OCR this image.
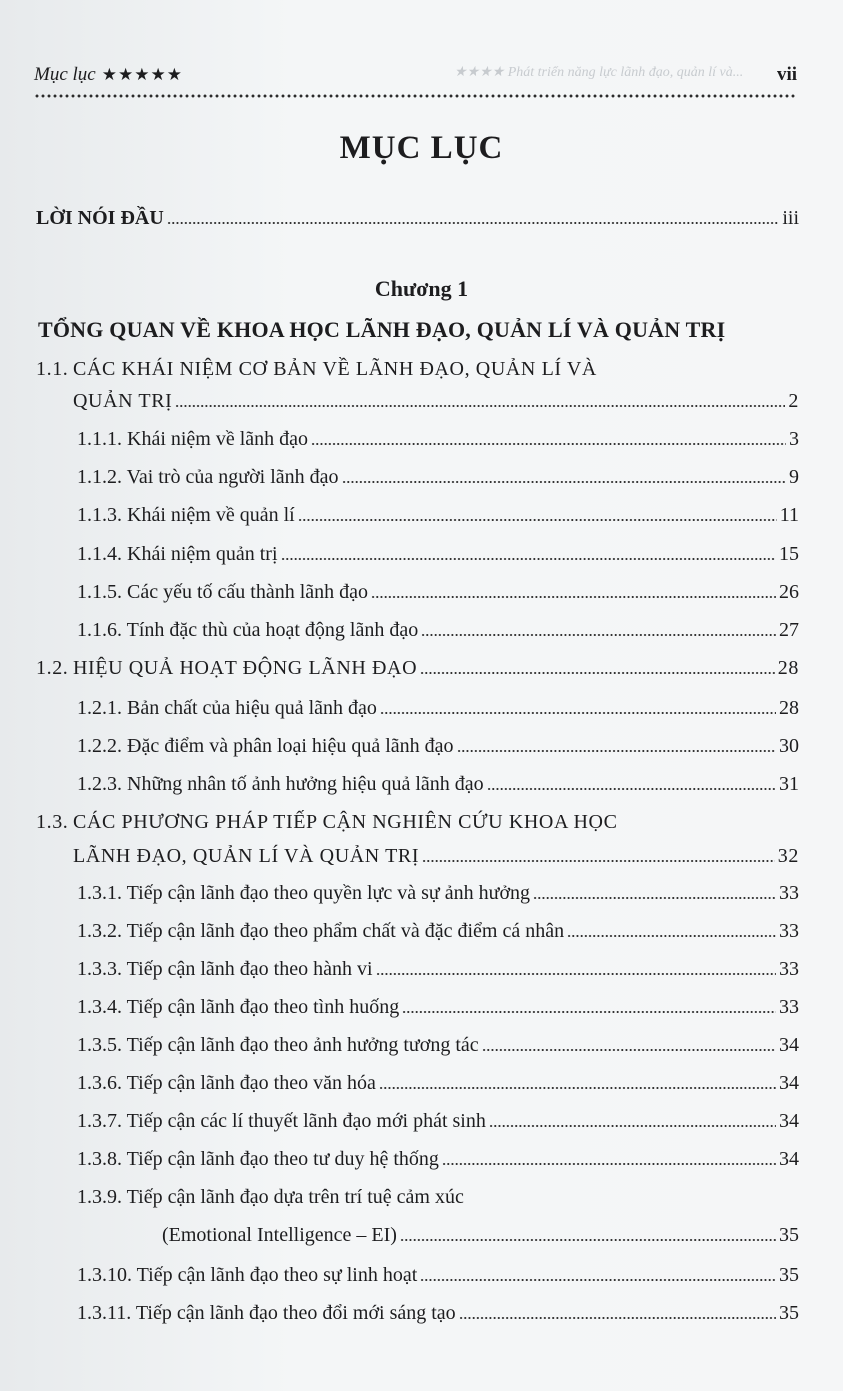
Mục lục ★★★★★	★★★★ Phát triển năng lực lãnh đạo, quản lí và... vii
MỤC LỤC
LỜI NÓI ĐẦU	iii
Chương 1
TỔNG QUAN VỀ KHOA HỌC LÃNH ĐẠO, QUẢN LÍ VÀ QUẢN TRỊ
1.1. CÁC KHÁI NIỆM CƠ BẢN VỀ LÃNH ĐẠO, QUẢN LÍ VÀ
QUẢN TRỊ	2
1.1.1. Khái niệm về lãnh đạo	3
1.1.2. Vai trò của người lãnh đạo	9
1.1.3. Khái niệm về quản lí	11
1.1.4. Khái niệm quản trị	15
1.1.5. Các yếu tố cấu thành lãnh đạo	26
1.1.6. Tính đặc thù của hoạt động lãnh đạo	27
1.2. HIỆU QUẢ HOẠT ĐỘNG LÃNH ĐẠO	28
1.2.1. Bản chất của hiệu quả lãnh đạo	28
1.2.2. Đặc điểm và phân loại hiệu quả lãnh đạo	30
1.2.3. Những nhân tố ảnh hưởng hiệu quả lãnh đạo	31
1.3. CÁC PHƯƠNG PHÁP TIẾP CẬN NGHIÊN CỨU KHOA HỌC
LÃNH ĐẠO, QUẢN LÍ VÀ QUẢN TRỊ	32
1.3.1. Tiếp cận lãnh đạo theo quyền lực và sự ảnh hưởng	33
1.3.2. Tiếp cận lãnh đạo theo phẩm chất và đặc điểm cá nhân	33
1.3.3. Tiếp cận lãnh đạo theo hành vi	33
1.3.4. Tiếp cận lãnh đạo theo tình huống	33
1.3.5. Tiếp cận lãnh đạo theo ảnh hưởng tương tác	34
1.3.6. Tiếp cận lãnh đạo theo văn hóa	34
1.3.7. Tiếp cận các lí thuyết lãnh đạo mới phát sinh	34
1.3.8. Tiếp cận lãnh đạo theo tư duy hệ thống	34
1.3.9. Tiếp cận lãnh đạo dựa trên trí tuệ cảm xúc
(Emotional Intelligence – EI)	35
1.3.10. Tiếp cận lãnh đạo theo sự linh hoạt	35
1.3.11. Tiếp cận lãnh đạo theo đổi mới sáng tạo	35
